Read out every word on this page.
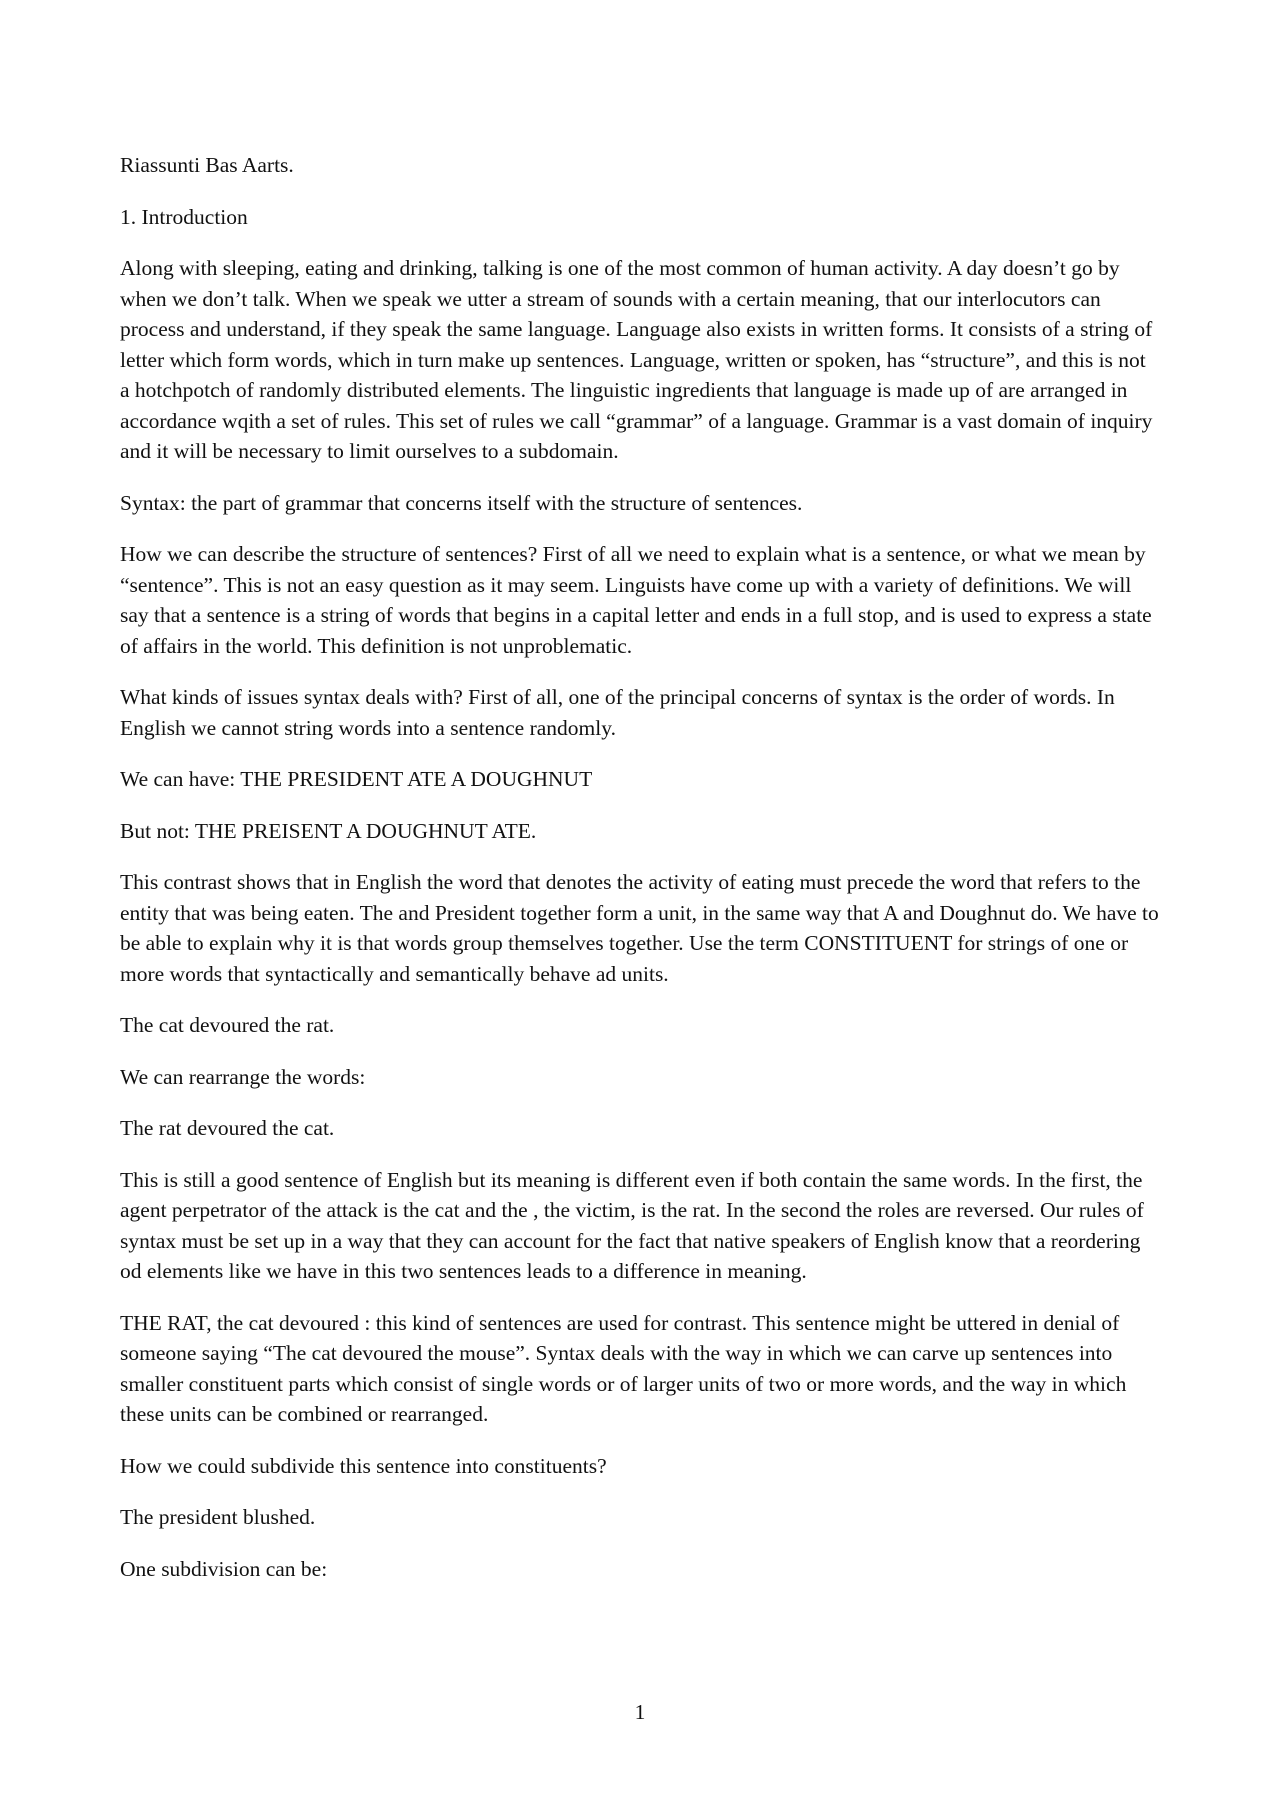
Riassunti Bas Aarts.

1. Introduction

Along with sleeping, eating and drinking, talking is one of the most common of human activity. A day doesn’t go by when we don’t talk. When we speak we utter a stream of sounds with a certain meaning, that our interlocutors can process and understand, if they speak the same language. Language also exists in written forms. It consists of a string of letter which form words, which in turn make up sentences. Language, written or spoken, has “structure”, and this is not a hotchpotch of randomly distributed elements. The linguistic ingredients that language is made up of are arranged in accordance wqith a set of rules. This set of rules we call “grammar” of a language. Grammar is a vast domain of inquiry and it will be necessary to limit ourselves to a subdomain.

Syntax: the part of grammar that concerns itself with the structure of sentences.

How we can describe the structure of sentences? First of all we need to explain what is a sentence, or what we mean by “sentence”. This is not an easy question as it may seem. Linguists have come up with a variety of definitions. We will say that a sentence is a string of words that begins in a capital letter and ends in a full stop, and is used to express a state of affairs in the world. This definition is not unproblematic.

What kinds of issues syntax deals with? First of all, one of the principal concerns of syntax is the order of words. In English we cannot string words into a sentence randomly.

We can have: THE PRESIDENT ATE A DOUGHNUT

But not: THE PREISENT A DOUGHNUT ATE.

This contrast shows that in English the word that denotes the activity of eating must precede the word that refers to the entity that was being eaten. The and President together form a unit, in the same way that A and Doughnut do. We have to be able to explain why it is that words group themselves together. Use the term CONSTITUENT for strings of one or more words that syntactically and semantically behave ad units.

The cat devoured the rat.

We can rearrange the words:

The rat devoured the cat.

This is still a good sentence of English but its meaning is different even if both contain the same words. In the first, the agent perpetrator of the attack is the cat and the , the victim, is the rat. In the second the roles are reversed. Our rules of syntax must be set up in a way that they can account for the fact that native speakers of English know that a reordering od elements like we have in this two sentences leads to a difference in meaning.

THE RAT, the cat devoured : this kind of sentences are used for contrast. This sentence might be uttered in denial of someone saying “The cat devoured the mouse”. Syntax deals with the way in which we can carve up sentences into smaller constituent parts which consist of single words or of larger units of two or more words, and the way in which these units can be combined or rearranged.

How we could subdivide this sentence into constituents?

The president blushed.

One subdivision can be:

1
